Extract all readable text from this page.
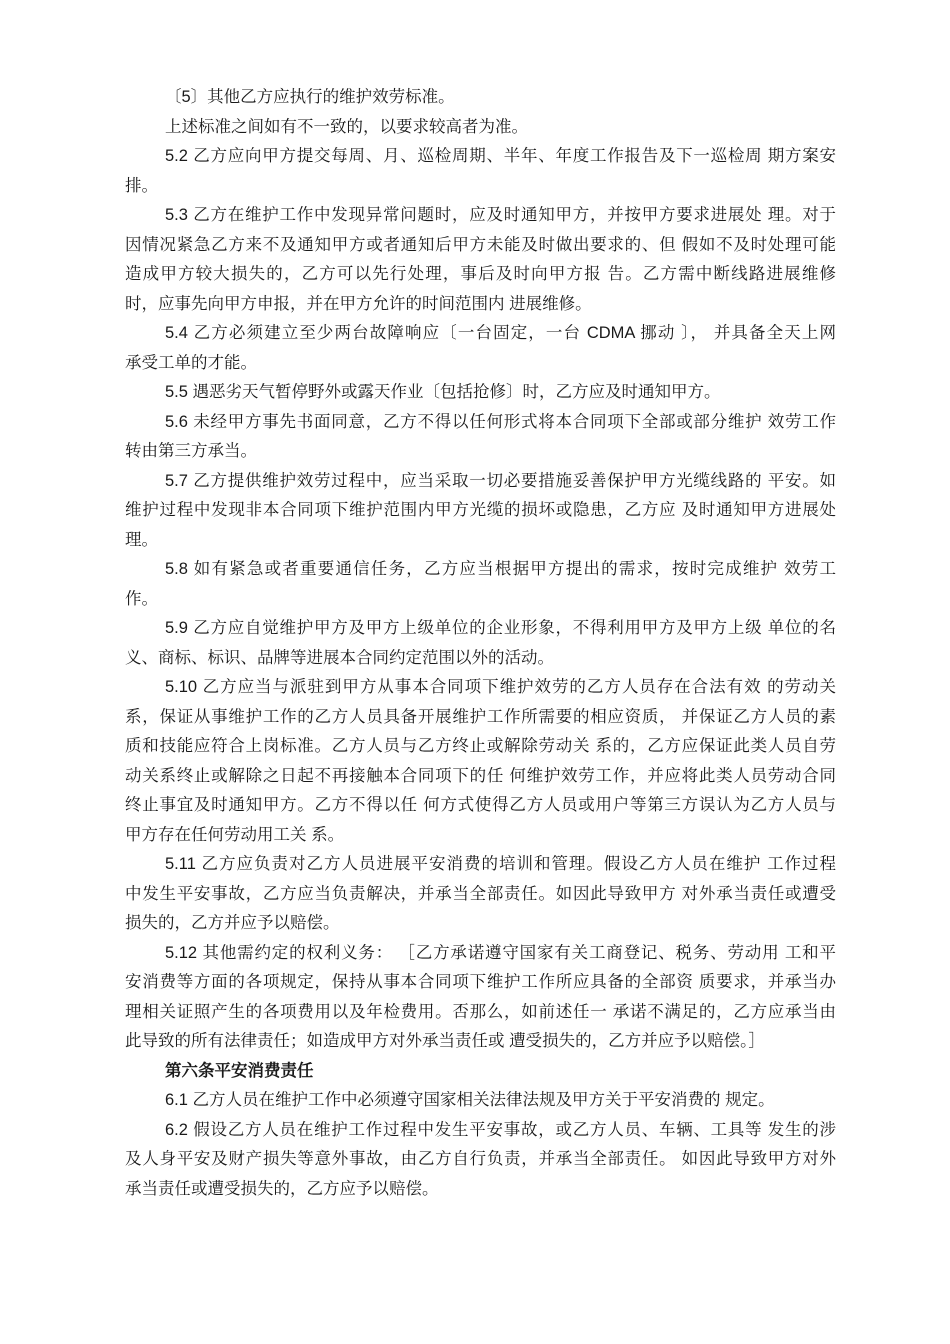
〔5〕其他乙方应执行的维护效劳标准。
上述标准之间如有不一致的，以要求较高者为准。
5.2 乙方应向甲方提交每周、月、巡检周期、半年、年度工作报告及下一巡检周 期方案安
排。
5.3 乙方在维护工作中发现异常问题时，应及时通知甲方，并按甲方要求进展处 理。对于
因情况紧急乙方来不及通知甲方或者通知后甲方未能及时做出要求的、但 假如不及时处理可能
造成甲方较大损失的，乙方可以先行处理，事后及时向甲方报 告。乙方需中断线路进展维修
时，应事先向甲方申报，并在甲方允许的时间范围内 进展维修。
5.4 乙方必须建立至少两台故障响应〔一台固定，一台 CDMA 挪动 〕， 并具备全天上网
承受工单的才能。
5.5 遇恶劣天气暂停野外或露天作业〔包括抢修〕时，乙方应及时通知甲方。
5.6 未经甲方事先书面同意，乙方不得以任何形式将本合同项下全部或部分维护 效劳工作
转由第三方承当。
5.7 乙方提供维护效劳过程中，应当采取一切必要措施妥善保护甲方光缆线路的 平安。如
维护过程中发现非本合同项下维护范围内甲方光缆的损坏或隐患，乙方应 及时通知甲方进展处
理。
5.8 如有紧急或者重要通信任务，乙方应当根据甲方提出的需求，按时完成维护 效劳工
作。
5.9 乙方应自觉维护甲方及甲方上级单位的企业形象，不得利用甲方及甲方上级 单位的名
义、商标、标识、品牌等进展本合同约定范围以外的活动。
5.10 乙方应当与派驻到甲方从事本合同项下维护效劳的乙方人员存在合法有效 的劳动关
系，保证从事维护工作的乙方人员具备开展维护工作所需要的相应资质， 并保证乙方人员的素
质和技能应符合上岗标准。乙方人员与乙方终止或解除劳动关 系的，乙方应保证此类人员自劳
动关系终止或解除之日起不再接触本合同项下的任 何维护效劳工作，并应将此类人员劳动合同
终止事宜及时通知甲方。乙方不得以任 何方式使得乙方人员或用户等第三方误认为乙方人员与
甲方存在任何劳动用工关 系。
5.11 乙方应负责对乙方人员进展平安消费的培训和管理。假设乙方人员在维护 工作过程
中发生平安事故，乙方应当负责解决，并承当全部责任。如因此导致甲方 对外承当责任或遭受
损失的，乙方并应予以赔偿。
5.12 其他需约定的权利义务： ［乙方承诺遵守国家有关工商登记、税务、劳动用 工和平
安消费等方面的各项规定，保持从事本合同项下维护工作所应具备的全部资 质要求，并承当办
理相关证照产生的各项费用以及年检费用。否那么，如前述任一 承诺不满足的，乙方应承当由
此导致的所有法律责任；如造成甲方对外承当责任或 遭受损失的，乙方并应予以赔偿。］
第六条平安消费责任
6.1 乙方人员在维护工作中必须遵守国家相关法律法规及甲方关于平安消费的 规定。
6.2 假设乙方人员在维护工作过程中发生平安事故，或乙方人员、车辆、工具等 发生的涉
及人身平安及财产损失等意外事故，由乙方自行负责，并承当全部责任。 如因此导致甲方对外
承当责任或遭受损失的，乙方应予以赔偿。
